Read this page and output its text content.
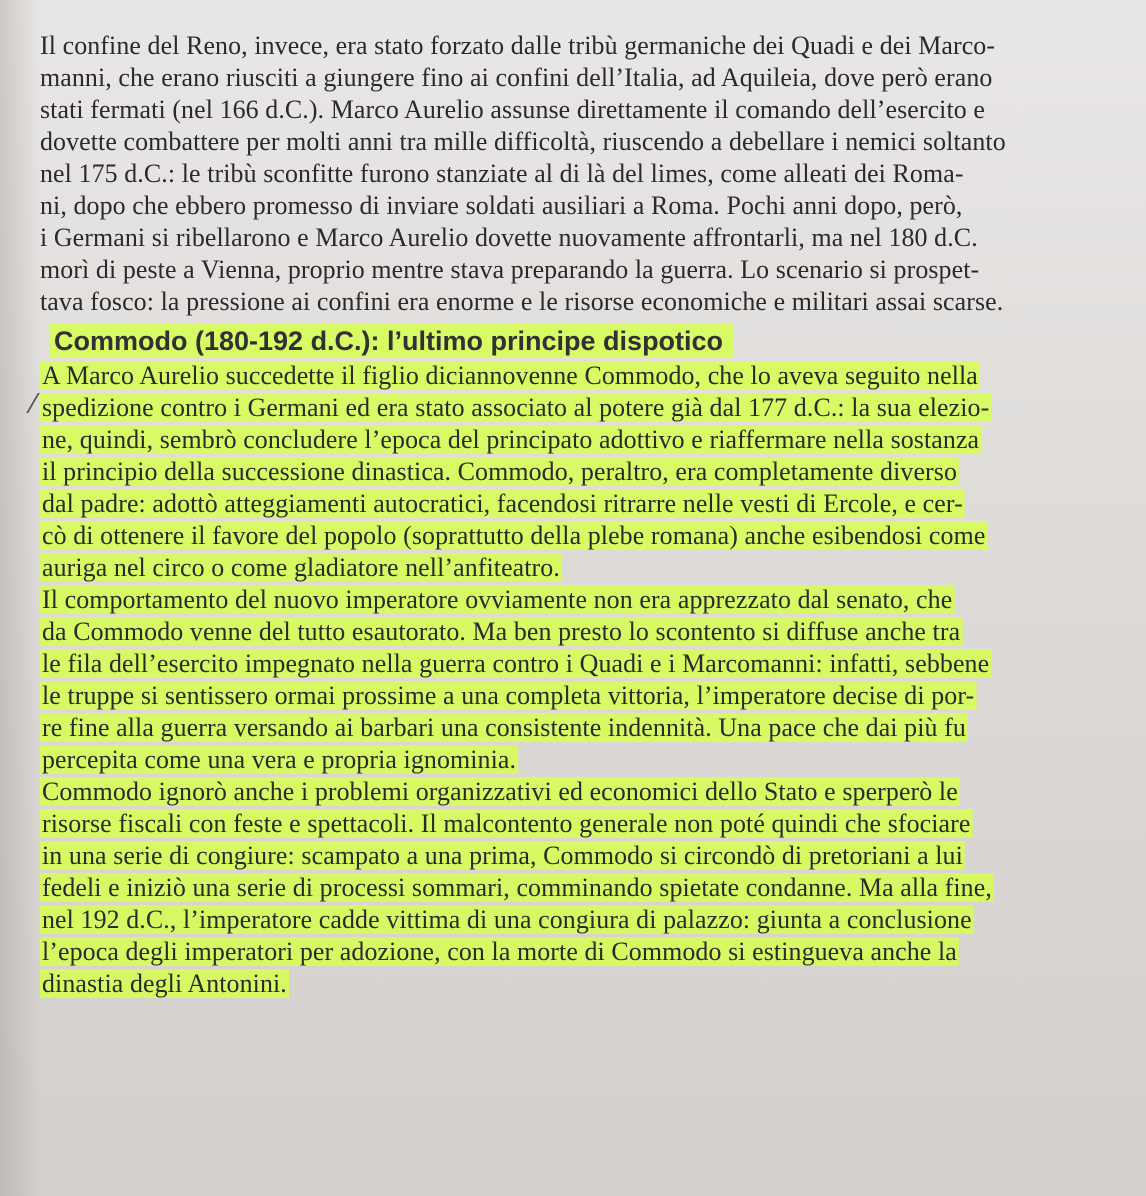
Il confine del Reno, invece, era stato forzato dalle tribù germaniche dei Quadi e dei Marco-
manni, che erano riusciti a giungere fino ai confini dell’Italia, ad Aquileia, dove però erano
stati fermati (nel 166 d.C.). Marco Aurelio assunse direttamente il comando dell’esercito e
dovette combattere per molti anni tra mille difficoltà, riuscendo a debellare i nemici soltanto
nel 175 d.C.: le tribù sconfitte furono stanziate al di là del limes, come alleati dei Roma-
ni, dopo che ebbero promesso di inviare soldati ausiliari a Roma. Pochi anni dopo, però,
i Germani si ribellarono e Marco Aurelio dovette nuovamente affrontarli, ma nel 180 d.C.
morì di peste a Vienna, proprio mentre stava preparando la guerra. Lo scenario si prospet-
tava fosco: la pressione ai confini era enorme e le risorse economiche e militari assai scarse.
Commodo (180-192 d.C.): l’ultimo principe dispotico
A Marco Aurelio succedette il figlio diciannovenne Commodo, che lo aveva seguito nella
spedizione contro i Germani ed era stato associato al potere già dal 177 d.C.: la sua elezio-
ne, quindi, sembrò concludere l’epoca del principato adottivo e riaffermare nella sostanza
il principio della successione dinastica. Commodo, peraltro, era completamente diverso
dal padre: adottò atteggiamenti autocratici, facendosi ritrarre nelle vesti di Ercole, e cer-
cò di ottenere il favore del popolo (soprattutto della plebe romana) anche esibendosi come
auriga nel circo o come gladiatore nell’anfiteatro.
Il comportamento del nuovo imperatore ovviamente non era apprezzato dal senato, che
da Commodo venne del tutto esautorato. Ma ben presto lo scontento si diffuse anche tra
le fila dell’esercito impegnato nella guerra contro i Quadi e i Marcomanni: infatti, sebbene
le truppe si sentissero ormai prossime a una completa vittoria, l’imperatore decise di por-
re fine alla guerra versando ai barbari una consistente indennità. Una pace che dai più fu
percepita come una vera e propria ignominia.
Commodo ignorò anche i problemi organizzativi ed economici dello Stato e sperperò le
risorse fiscali con feste e spettacoli. Il malcontento generale non poté quindi che sfociare
in una serie di congiure: scampato a una prima, Commodo si circondò di pretoriani a lui
fedeli e iniziò una serie di processi sommari, comminando spietate condanne. Ma alla fine,
nel 192 d.C., l’imperatore cadde vittima di una congiura di palazzo: giunta a conclusione
l’epoca degli imperatori per adozione, con la morte di Commodo si estingueva anche la
dinastia degli Antonini.
